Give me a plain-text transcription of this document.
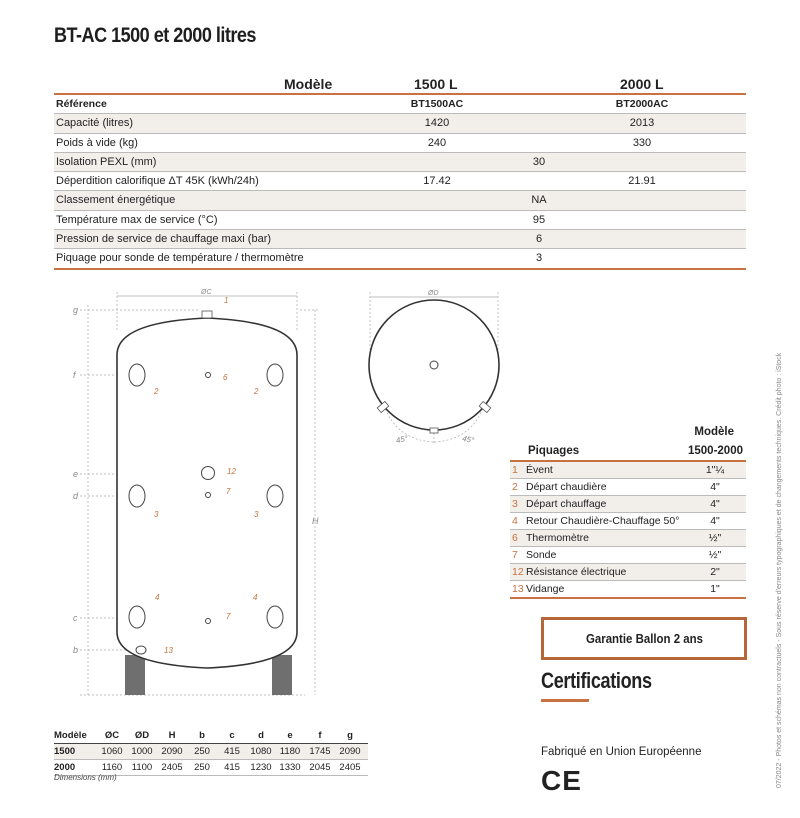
BT-AC 1500 et 2000 litres
Modèle	1500 L	2000 L
Référence	BT1500AC	BT2000AC
Capacité (litres)	1420	2013
Poids à vide (kg)	240	330
Isolation PEXL (mm)	30
Déperdition calorifique ΔT 45K (kWh/24h)	17.42	21.91
Classement énergétique	NA
Température max de service (°C)	95
Pression de service de chauffage maxi (bar)	6
Piquage pour sonde de température / thermomètre	3
g
f
e
d
c
b
ØC
H
1
2
6
2
12
7
3	3
4	4
7
13
ØD
45°	45°
Modèle
Piquages	1500-2000
1 Évent	1"¼
2 Départ chaudière	4"
3 Départ chauffage	4"
4 Retour Chaudière-Chauffage 50°	4"
6 Thermomètre	½"
7 Sonde	½"
12 Résistance électrique	2"
13 Vidange	1"
Garantie Ballon 2 ans
Certifications
Fabriqué en Union Européenne
CE
Modèle	ØC	ØD	H	b	c	d	e	f	g
1500	1060 1000 2090	250	415	1080 1180 1745 2090
2000	1160	1100 2405	250	415	1230 1330 2045 2405
Dimensions (mm)	07/2022 - Photos et schémas non contractuels - Sous réserve d'erreurs typographiques et de changements techniques. Crédit photo : iStock
